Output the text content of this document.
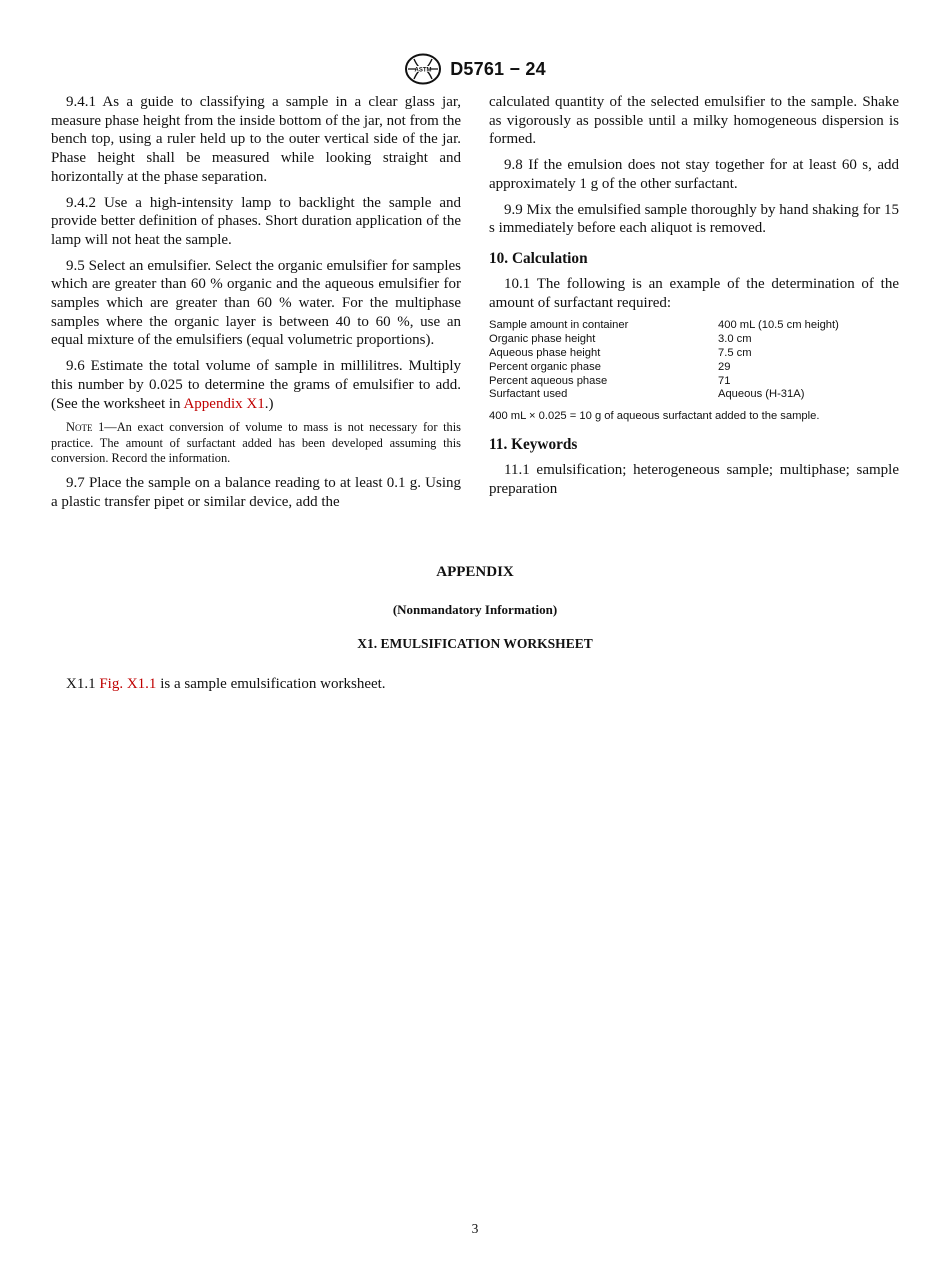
ASTM D5761 − 24

9.4.1 As a guide to classifying a sample in a clear glass jar, measure phase height from the inside bottom of the jar, not from the bench top, using a ruler held up to the outer vertical side of the jar. Phase height shall be measured while looking straight and horizontally at the phase separation.

9.4.2 Use a high-intensity lamp to backlight the sample and provide better definition of phases. Short duration application of the lamp will not heat the sample.

9.5 Select an emulsifier. Select the organic emulsifier for samples which are greater than 60 % organic and the aqueous emulsifier for samples which are greater than 60 % water. For the multiphase samples where the organic layer is between 40 to 60 %, use an equal mixture of the emulsifiers (equal volumetric proportions).

9.6 Estimate the total volume of sample in millilitres. Multiply this number by 0.025 to determine the grams of emulsifier to add. (See the worksheet in Appendix X1.)

Note 1—An exact conversion of volume to mass is not necessary for this practice. The amount of surfactant added has been developed assuming this conversion. Record the information.

9.7 Place the sample on a balance reading to at least 0.1 g. Using a plastic transfer pipet or similar device, add the

calculated quantity of the selected emulsifier to the sample. Shake as vigorously as possible until a milky homogeneous dispersion is formed.

9.8 If the emulsion does not stay together for at least 60 s, add approximately 1 g of the other surfactant.

9.9 Mix the emulsified sample thoroughly by hand shaking for 15 s immediately before each aliquot is removed.

10. Calculation

10.1 The following is an example of the determination of the amount of surfactant required:

Sample amount in container	400 mL (10.5 cm height)
Organic phase height	3.0 cm
Aqueous phase height	7.5 cm
Percent organic phase	29
Percent aqueous phase	71
Surfactant used	Aqueous (H-31A)
400 mL × 0.025 = 10 g of aqueous surfactant added to the sample.
11. Keywords

11.1 emulsification; heterogeneous sample; multiphase; sample preparation

APPENDIX
(Nonmandatory Information)
X1. EMULSIFICATION WORKSHEET

X1.1 Fig. X1.1 is a sample emulsification worksheet.

3
